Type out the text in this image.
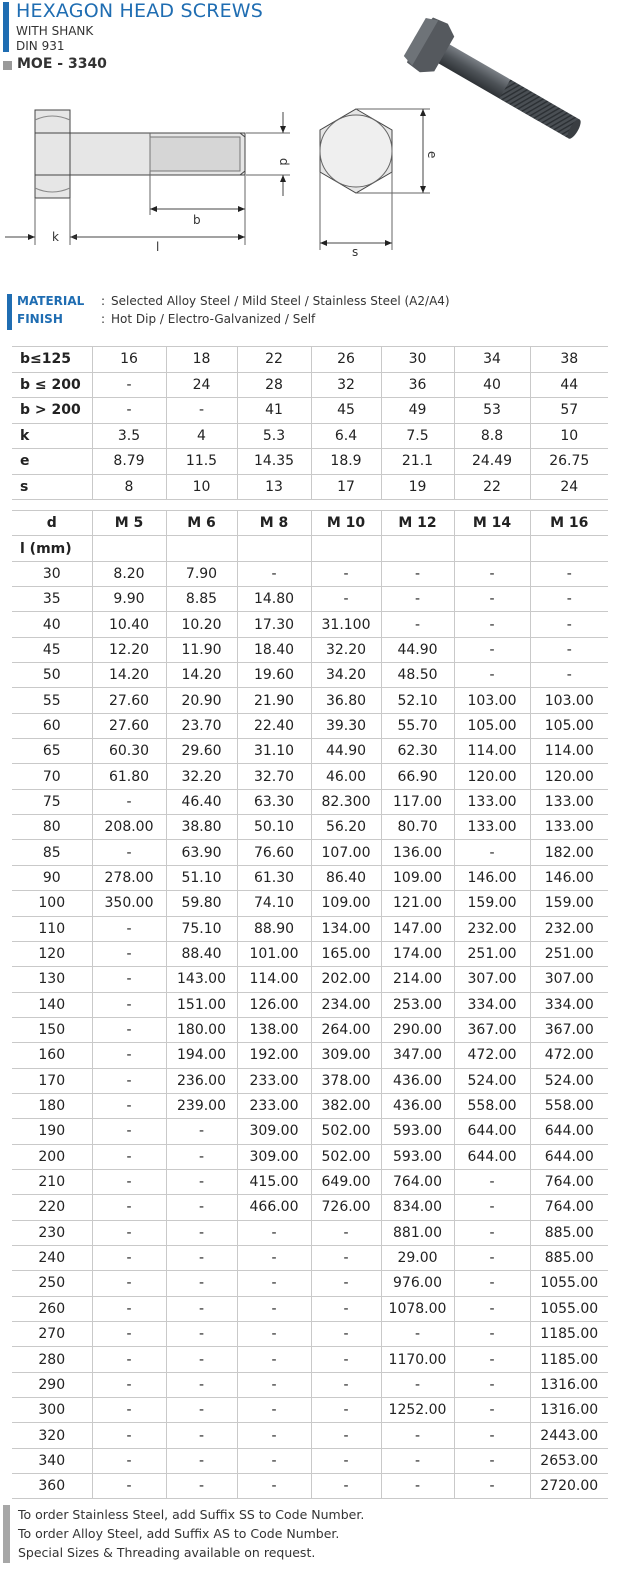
HEXAGON HEAD SCREWS
WITH SHANK
DIN 931
MOE - 3340
d
b
k
l
e
s
MATERIAL : Selected Alloy Steel / Mild Steel / Stainless Steel (A2/A4)
FINISH	: Hot Dip / Electro-Galvanized / Self
b≤125	16	18	22	26	30	34	38
b ≤ 200	-	24	28	32	36	40	44
b > 200	-	-	41	45	49	53	57
k	3.5	4	5.3	6.4	7.5	8.8	10
e	8.79	11.5	14.35	18.9	21.1	24.49	26.75
s	8	10	13	17	19	22	24
d	M 5	M 6	M 8	M 10	M 12	M 14	M 16
l (mm)							
30	8.20	7.90	-	-	-	-	-
35	9.90	8.85	14.80	-	-	-	-
40	10.40	10.20	17.30	31.100	-	-	-
45	12.20	11.90	18.40	32.20	44.90	-	-
50	14.20	14.20	19.60	34.20	48.50	-	-
55	27.60	20.90	21.90	36.80	52.10	103.00	103.00
60	27.60	23.70	22.40	39.30	55.70	105.00	105.00
65	60.30	29.60	31.10	44.90	62.30	114.00	114.00
70	61.80	32.20	32.70	46.00	66.90	120.00	120.00
75	-	46.40	63.30	82.300	117.00	133.00	133.00
80	208.00	38.80	50.10	56.20	80.70	133.00	133.00
85	-	63.90	76.60	107.00	136.00	-	182.00
90	278.00	51.10	61.30	86.40	109.00	146.00	146.00
100	350.00	59.80	74.10	109.00	121.00	159.00	159.00
110	-	75.10	88.90	134.00	147.00	232.00	232.00
120	-	88.40	101.00	165.00	174.00	251.00	251.00
130	-	143.00	114.00	202.00	214.00	307.00	307.00
140	-	151.00	126.00	234.00	253.00	334.00	334.00
150	-	180.00	138.00	264.00	290.00	367.00	367.00
160	-	194.00	192.00	309.00	347.00	472.00	472.00
170	-	236.00	233.00	378.00	436.00	524.00	524.00
180	-	239.00	233.00	382.00	436.00	558.00	558.00
190	-	-	309.00	502.00	593.00	644.00	644.00
200	-	-	309.00	502.00	593.00	644.00	644.00
210	-	-	415.00	649.00	764.00	-	764.00
220	-	-	466.00	726.00	834.00	-	764.00
230	-	-	-	-	881.00	-	885.00
240	-	-	-	-	29.00	-	885.00
250	-	-	-	-	976.00	-	1055.00
260	-	-	-	-	1078.00	-	1055.00
270	-	-	-	-	-	-	1185.00
280	-	-	-	-	1170.00	-	1185.00
290	-	-	-	-	-	-	1316.00
300	-	-	-	-	1252.00	-	1316.00
320	-	-	-	-	-	-	2443.00
340	-	-	-	-	-	-	2653.00
360	-	-	-	-	-	-	2720.00
To order Stainless Steel, add Suffix SS to Code Number.
To order Alloy Steel, add Suffix AS to Code Number.
Special Sizes & Threading available on request.
